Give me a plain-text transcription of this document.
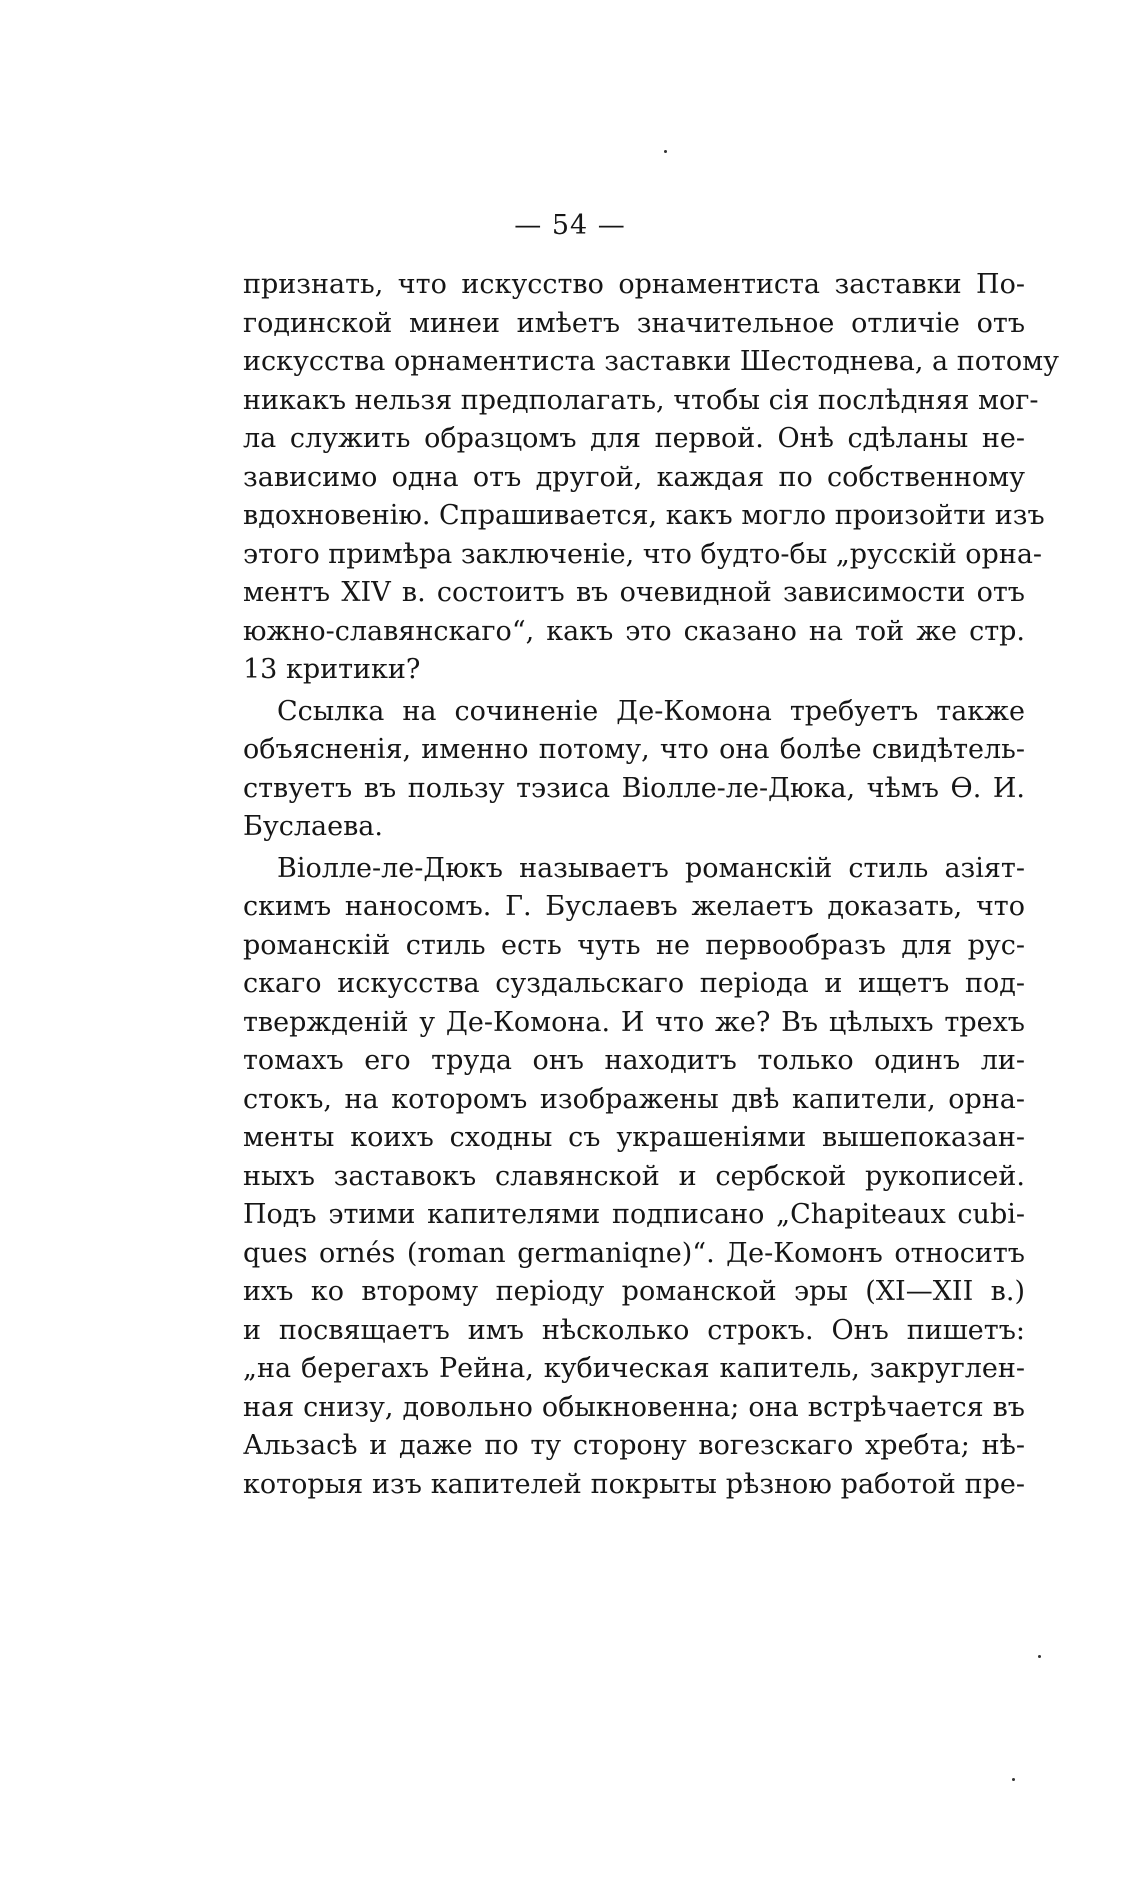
— 54 —
признать, что искусство орнаментиста заставки По-
годинской минеи имѣетъ значительное отличіе отъ
искусства орнаментиста заставки Шестоднева, а потому
никакъ нельзя предполагать, чтобы сія послѣдняя мог-
ла служить образцомъ для первой. Онѣ сдѣланы не-
зависимо одна отъ другой, каждая по собственному
вдохновенію. Спрашивается, какъ могло произойти изъ
этого примѣра заключеніе, что будто-бы „русскій орна-
ментъ XIV в. состоитъ въ очевидной зависимости отъ
южно-славянскаго“, какъ это сказано на той же стр.
13 критики?
Ссылка на сочиненіе Де-Комона требуетъ также
объясненія, именно потому, что она болѣе свидѣтель-
ствуетъ въ пользу тэзиса Віолле-ле-Дюка, чѣмъ Ѳ. И.
Буслаева.
Віолле-ле-Дюкъ называетъ романскій стиль азіят-
скимъ наносомъ. Г. Буслаевъ желаетъ доказать, что
романскій стиль есть чуть не первообразъ для рус-
скаго искусства суздальскаго періода и ищетъ под-
твержденій у Де-Комона. И что же? Въ цѣлыхъ трехъ
томахъ его труда онъ находитъ только одинъ ли-
стокъ, на которомъ изображены двѣ капители, орна-
менты коихъ сходны съ украшеніями вышепоказан-
ныхъ заставокъ славянской и сербской рукописей.
Подъ этими капителями подписано „Chapiteaux cubi-
ques ornés (roman germaniqne)“. Де-Комонъ относитъ
ихъ ко второму періоду романской эры (XI—XII в.)
и посвящаетъ имъ нѣсколько строкъ. Онъ пишетъ:
„на берегахъ Рейна, кубическая капитель, закруглен-
ная снизу, довольно обыкновенна; она встрѣчается въ
Альзасѣ и даже по ту сторону вогезскаго хребта; нѣ-
которыя изъ капителей покрыты рѣзною работой пре-
